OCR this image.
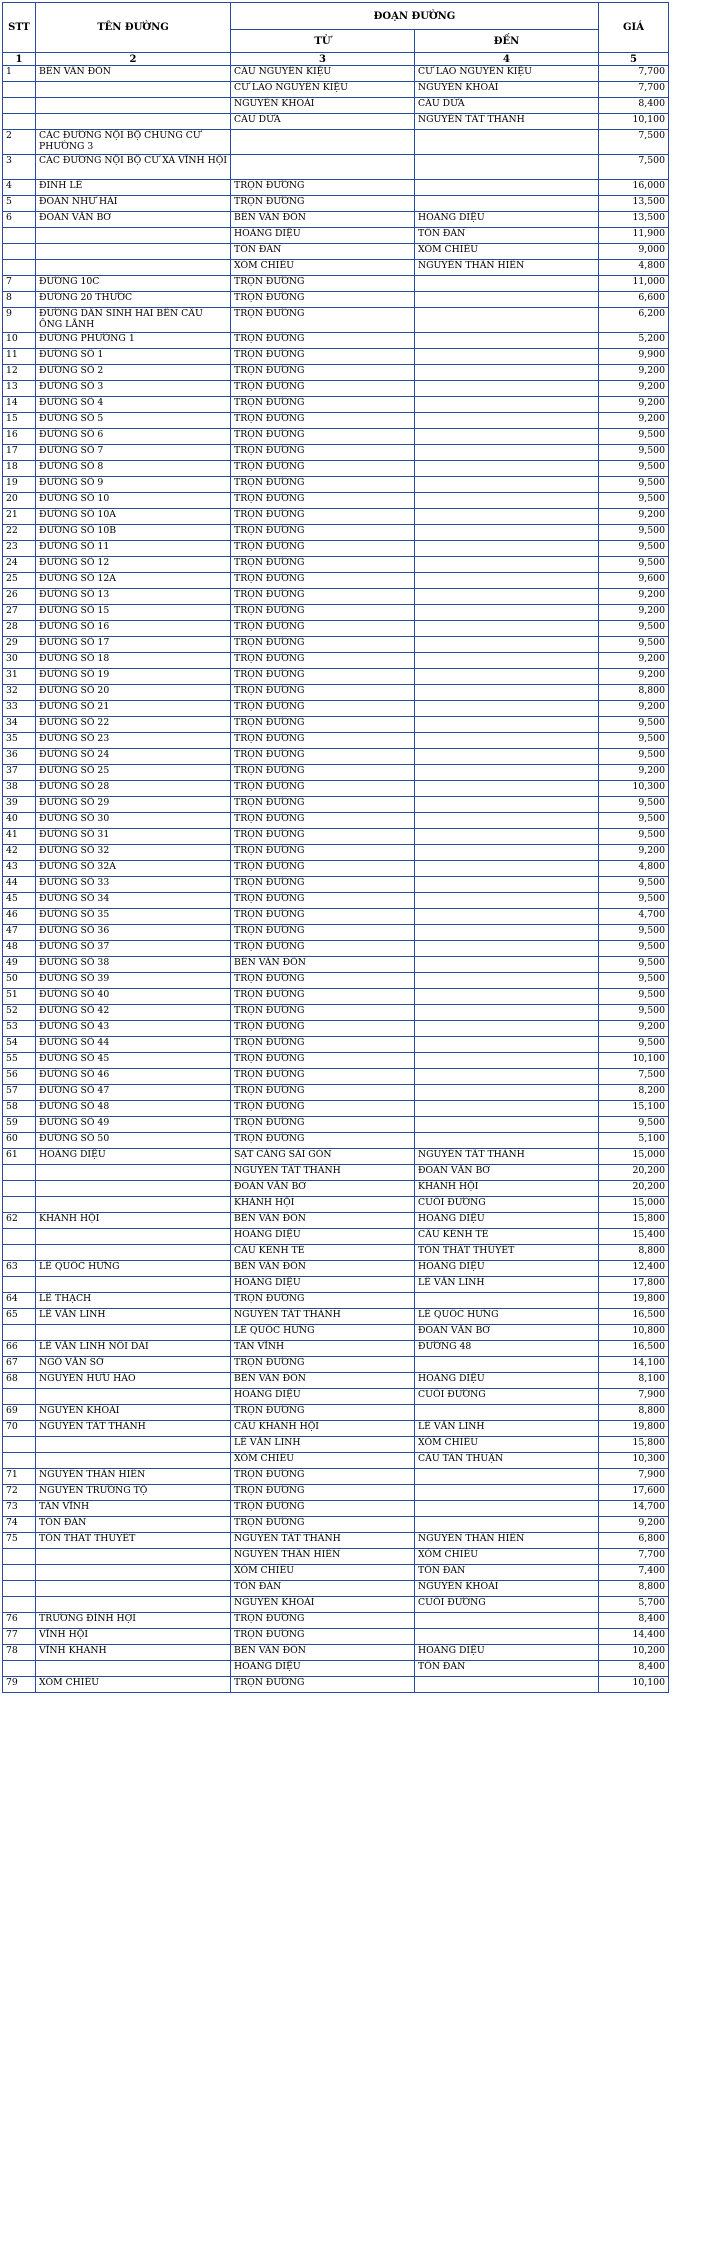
STT	TÊN ĐƯỜNG	ĐOẠN ĐƯỜNG		GIÁ
		TỪ	ĐẾN	
1	2	3	4	5
1	BẾN VÂN ĐỒN	CẦU NGUYỄN KIỆU	CƯ LAO NGUYỄN KIỆU	7,700
		CƯ LAO NGUYỄN KIỆU	NGUYỄN KHOÁI	7,700
		NGUYỄN KHOÁI	CẦU DỪA	8,400
		CẦU DỪA	NGUYỄN TẤT THÀNH	10,100
2	CÁC ĐƯỜNG NỘI BỘ CHUNG CƯ PHƯỜNG 3			7,500
3	CÁC ĐƯỜNG NỘI BỘ CƯ XÁ VĨNH HỘI			7,500
4	ĐINH LỄ	TRỌN ĐƯỜNG		16,000
5	ĐOÀN NHƯ HÀI	TRỌN ĐƯỜNG		13,500
6	ĐOÀN VĂN BƠ	BẾN VÂN ĐỒN	HOÀNG DIỆU	13,500
		HOÀNG DIỆU	TÔN ĐẢN	11,900
		TÔN ĐẢN	XÓM CHIẾU	9,000
		XÓM CHIẾU	NGUYỄN THẦN HIẾN	4,800
7	ĐƯỜNG 10C	TRỌN ĐƯỜNG		11,000
8	ĐƯỜNG 20 THƯỚC	TRỌN ĐƯỜNG		6,600
9	ĐƯỜNG DÂN SINH HAI BÊN CẦU ÔNG LÃNH	TRỌN ĐƯỜNG		6,200
10	ĐƯỜNG PHƯỜNG 1	TRỌN ĐƯỜNG		5,200
11	ĐƯỜNG SỐ 1	TRỌN ĐƯỜNG		9,900
12	ĐƯỜNG SỐ 2	TRỌN ĐƯỜNG		9,200
13	ĐƯỜNG SỐ 3	TRỌN ĐƯỜNG		9,200
14	ĐƯỜNG SỐ 4	TRỌN ĐƯỜNG		9,200
15	ĐƯỜNG SỐ 5	TRỌN ĐƯỜNG		9,200
16	ĐƯỜNG SỐ 6	TRỌN ĐƯỜNG		9,500
17	ĐƯỜNG SỐ 7	TRỌN ĐƯỜNG		9,500
18	ĐƯỜNG SỐ 8	TRỌN ĐƯỜNG		9,500
19	ĐƯỜNG SỐ 9	TRỌN ĐƯỜNG		9,500
20	ĐƯỜNG SỐ 10	TRỌN ĐƯỜNG		9,500
21	ĐƯỜNG SỐ 10A	TRỌN ĐƯỜNG		9,200
22	ĐƯỜNG SỐ 10B	TRỌN ĐƯỜNG		9,500
23	ĐƯỜNG SỐ 11	TRỌN ĐƯỜNG		9,500
24	ĐƯỜNG SỐ 12	TRỌN ĐƯỜNG		9,500
25	ĐƯỜNG SỐ 12A	TRỌN ĐƯỜNG		9,600
26	ĐƯỜNG SỐ 13	TRỌN ĐƯỜNG		9,200
27	ĐƯỜNG SỐ 15	TRỌN ĐƯỜNG		9,200
28	ĐƯỜNG SỐ 16	TRỌN ĐƯỜNG		9,500
29	ĐƯỜNG SỐ 17	TRỌN ĐƯỜNG		9,500
30	ĐƯỜNG SỐ 18	TRỌN ĐƯỜNG		9,200
31	ĐƯỜNG SỐ 19	TRỌN ĐƯỜNG		9,200
32	ĐƯỜNG SỐ 20	TRỌN ĐƯỜNG		8,800
33	ĐƯỜNG SỐ 21	TRỌN ĐƯỜNG		9,200
34	ĐƯỜNG SỐ 22	TRỌN ĐƯỜNG		9,500
35	ĐƯỜNG SỐ 23	TRỌN ĐƯỜNG		9,500
36	ĐƯỜNG SỐ 24	TRỌN ĐƯỜNG		9,500
37	ĐƯỜNG SỐ 25	TRỌN ĐƯỜNG		9,200
38	ĐƯỜNG SỐ 28	TRỌN ĐƯỜNG		10,300
39	ĐƯỜNG SỐ 29	TRỌN ĐƯỜNG		9,500
40	ĐƯỜNG SỐ 30	TRỌN ĐƯỜNG		9,500
41	ĐƯỜNG SỐ 31	TRỌN ĐƯỜNG		9,500
42	ĐƯỜNG SỐ 32	TRỌN ĐƯỜNG		9,200
43	ĐƯỜNG SỐ 32A	TRỌN ĐƯỜNG		4,800
44	ĐƯỜNG SỐ 33	TRỌN ĐƯỜNG		9,500
45	ĐƯỜNG SỐ 34	TRỌN ĐƯỜNG		9,500
46	ĐƯỜNG SỐ 35	TRỌN ĐƯỜNG		4,700
47	ĐƯỜNG SỐ 36	TRỌN ĐƯỜNG		9,500
48	ĐƯỜNG SỐ 37	TRỌN ĐƯỜNG		9,500
49	ĐƯỜNG SỐ 38	BẾN VÂN ĐỒN		9,500
50	ĐƯỜNG SỐ 39	TRỌN ĐƯỜNG		9,500
51	ĐƯỜNG SỐ 40	TRỌN ĐƯỜNG		9,500
52	ĐƯỜNG SỐ 42	TRỌN ĐƯỜNG		9,500
53	ĐƯỜNG SỐ 43	TRỌN ĐƯỜNG		9,200
54	ĐƯỜNG SỐ 44	TRỌN ĐƯỜNG		9,500
55	ĐƯỜNG SỐ 45	TRỌN ĐƯỜNG		10,100
56	ĐƯỜNG SỐ 46	TRỌN ĐƯỜNG		7,500
57	ĐƯỜNG SỐ 47	TRỌN ĐƯỜNG		8,200
58	ĐƯỜNG SỐ 48	TRỌN ĐƯỜNG		15,100
59	ĐƯỜNG SỐ 49	TRỌN ĐƯỜNG		9,500
60	ĐƯỜNG SỐ 50	TRỌN ĐƯỜNG		5,100
61	HOÀNG DIỆU	SẠT CẢNG SÀI GÒN	NGUYỄN TẤT THÀNH	15,000
		NGUYỄN TẤT THÀNH	ĐOÀN VĂN BƠ	20,200
		ĐOÀN VĂN BƠ	KHÁNH HỘI	20,200
		KHÁNH HỘI	CUỐI ĐƯỜNG	15,000
62	KHÁNH HỘI	BẾN VÂN ĐỒN	HOÀNG DIỆU	15,800
		HOÀNG DIỆU	CẦU KÊNH TẺ	15,400
		CẦU KÊNH TẺ	TÔN THẤT THUYẾT	8,800
63	LÊ QUỐC HƯNG	BẾN VÂN ĐỒN	HOÀNG DIỆU	12,400
		HOÀNG DIỆU	LÊ VĂN LINH	17,800
64	LÊ THẠCH	TRỌN ĐƯỜNG		19,800
65	LÊ VĂN LINH	NGUYỄN TẤT THÀNH	LÊ QUỐC HƯNG	16,500
		LÊ QUỐC HƯNG	ĐOÀN VĂN BƠ	10,800
66	LÊ VĂN LINH NỐI DÀI	TÂN VĨNH	ĐƯỜNG 48	16,500
67	NGÔ VĂN SỞ	TRỌN ĐƯỜNG		14,100
68	NGUYỄN HỮU HÀO	BẾN VÂN ĐỒN	HOÀNG DIỆU	8,100
		HOÀNG DIỆU	CUỐI ĐƯỜNG	7,900
69	NGUYỄN KHOÁI	TRỌN ĐƯỜNG		8,800
70	NGUYỄN TẤT THÀNH	CẦU KHÁNH HỘI	LÊ VĂN LINH	19,800
		LÊ VĂN LINH	XÓM CHIẾU	15,800
		XÓM CHIẾU	CẦU TÂN THUẬN	10,300
71	NGUYỄN THẦN HIẾN	TRỌN ĐƯỜNG		7,900
72	NGUYỄN TRƯỜNG TỘ	TRỌN ĐƯỜNG		17,600
73	TÂN VĨNH	TRỌN ĐƯỜNG		14,700
74	TÔN ĐẢN	TRỌN ĐƯỜNG		9,200
75	TÔN THẤT THUYẾT	NGUYỄN TẤT THÀNH	NGUYỄN THẦN HIẾN	6,800
		NGUYỄN THẦN HIẾN	XÓM CHIẾU	7,700
		XÓM CHIẾU	TÔN ĐẢN	7,400
		TÔN ĐẢN	NGUYỄN KHOÁI	8,800
		NGUYỄN KHOÁI	CUỐI ĐƯỜNG	5,700
76	TRƯƠNG ĐÌNH HỢI	TRỌN ĐƯỜNG		8,400
77	VĨNH HỘI	TRỌN ĐƯỜNG		14,400
78	VĨNH KHÁNH	BẾN VÂN ĐỒN	HOÀNG DIỆU	10,200
		HOÀNG DIỆU	TÔN ĐẢN	8,400
79	XÓM CHIẾU	TRỌN ĐƯỜNG		10,100
